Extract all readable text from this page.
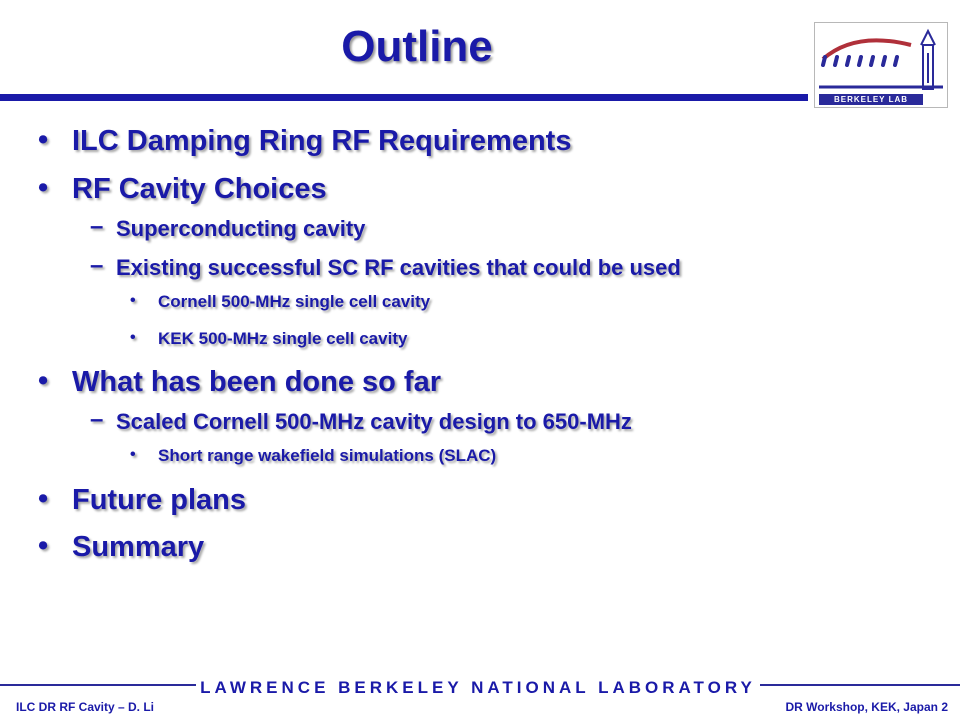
Outline
BERKELEY LAB
• ILC Damping Ring RF Requirements
• RF Cavity Choices
– Superconducting cavity
– Existing successful SC RF cavities that could be used
• Cornell 500-MHz single cell cavity
• KEK 500-MHz single cell cavity
• What has been done so far
– Scaled Cornell 500-MHz cavity design to 650-MHz
• Short range wakefield simulations (SLAC)
• Future plans
• Summary
LAWRENCE BERKELEY NATIONAL LABORATORY
ILC DR RF Cavity – D. Li	DR Workshop, KEK, Japan 2
